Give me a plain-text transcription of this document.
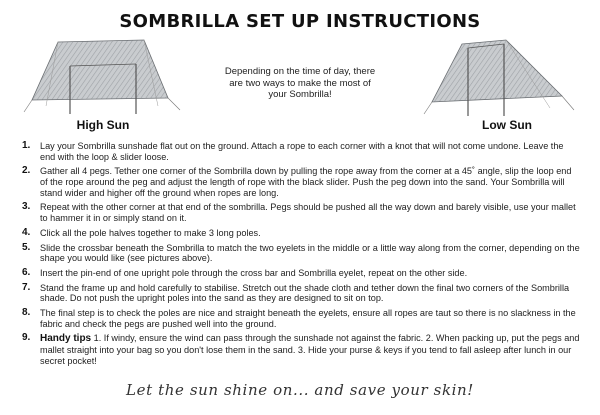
SOMBRILLA SET UP INSTRUCTIONS
High Sun	Low Sun
Depending on the time of day, there are two ways to make the most of your Sombrilla!
1. Lay your Sombrilla sunshade flat out on the ground. Attach a rope to each corner with a knot that will not come undone. Leave the end with the loop & slider loose.
2. Gather all 4 pegs. Tether one corner of the Sombrilla down by pulling the rope away from the corner at a 45˚ angle, slip the loop end of the rope around the peg and adjust the length of rope with the black slider. Push the peg down into the sand. Your Sombrilla will stand wider and higher off the ground when ropes are long.
3. Repeat with the other corner at that end of the sombrilla. Pegs should be pushed all the way down and barely visible, use your mallet to hammer it in or simply stand on it.
4. Click all the pole halves together to make 3 long poles.
5. Slide the crossbar beneath the Sombrilla to match the two eyelets in the middle or a little way along from the corner, depending on the shape you would like (see pictures above).
6. Insert the pin-end of one upright pole through the cross bar and Sombrilla eyelet, repeat on the other side.
7. Stand the frame up and hold carefully to stabilise. Stretch out the shade cloth and tether down the final two corners of the Sombrilla shade. Do not push the upright poles into the sand as they are designed to sit on top.
8. The final step is to check the poles are nice and straight beneath the eyelets, ensure all ropes are taut so there is no slackness in the fabric and check the pegs are pushed well into the ground.
9. Handy tips 1. If windy, ensure the wind can pass through the sunshade not against the fabric. 2. When packing up, put the pegs and mallet straight into your bag so you don't lose them in the sand. 3. Hide your purse & keys if you tend to fall asleep after lunch in our secret pocket!
Let the sun shine on... and save your skin!
